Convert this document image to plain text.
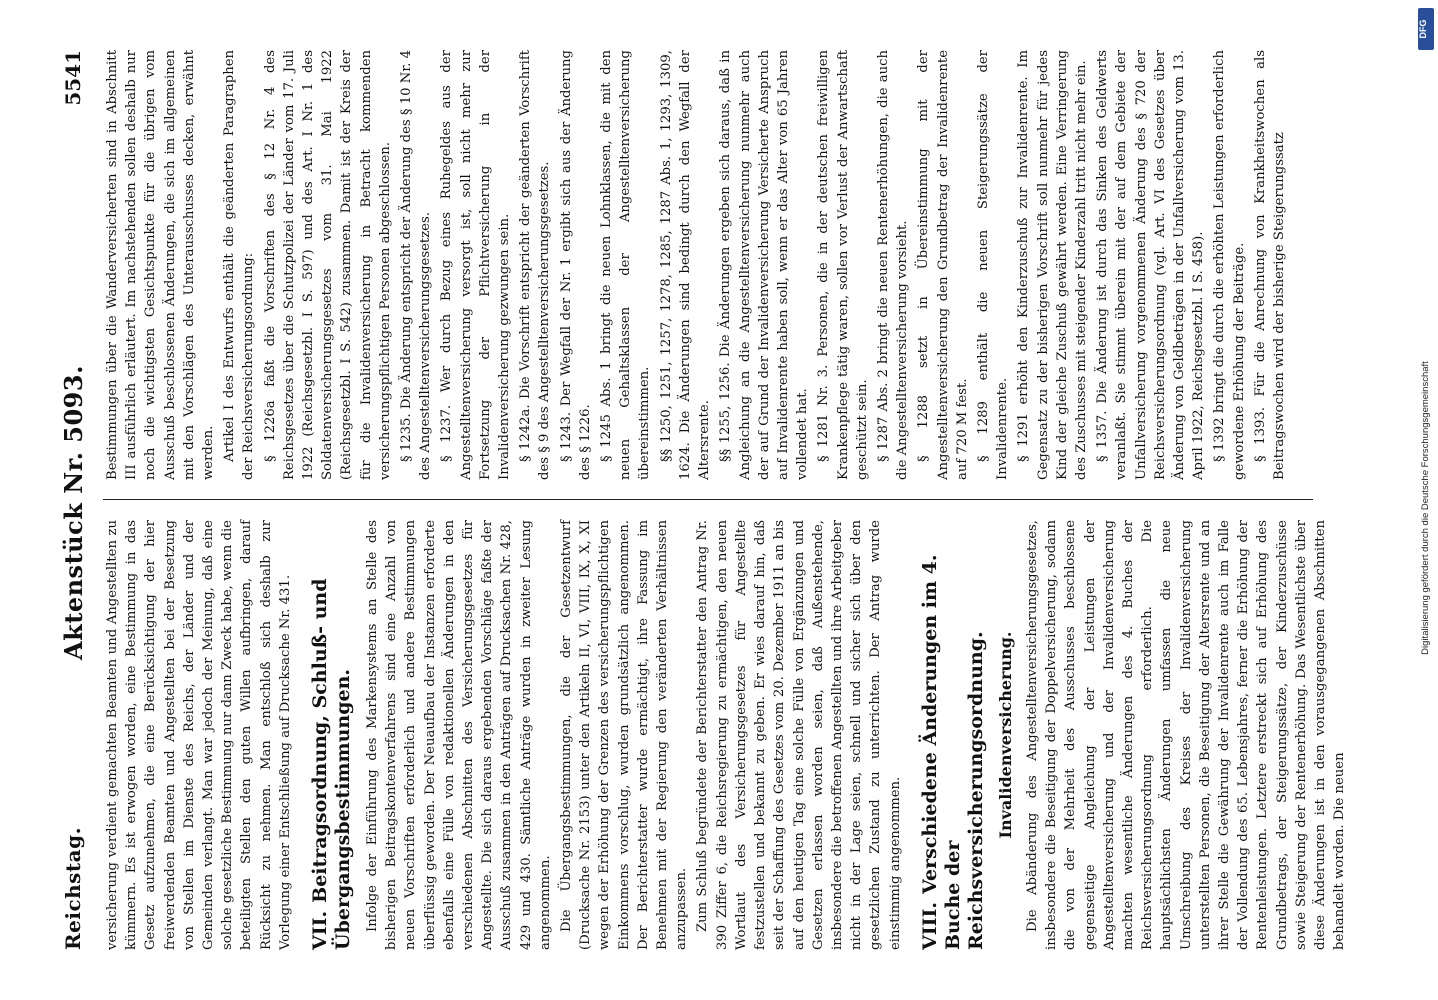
Reichstag.
Aktenstück Nr. 5093.
5541

versicherung verdient gemachten Beamten und Angestellten zu kümmern. Es ist erwogen worden, eine Bestimmung in das Gesetz aufzunehmen, die eine Berücksichtigung der hier freiwerdenden Beamten und Angestellten bei der Besetzung von Stellen im Dienste des Reichs, der Länder und der Gemeinden verlangt. Man war jedoch der Meinung, daß eine solche gesetzliche Bestimmung nur dann Zweck habe, wenn die beteiligten Stellen den guten Willen aufbringen, darauf Rücksicht zu nehmen. Man entschloß sich deshalb zur Vorlegung einer Entschließung auf Drucksache Nr. 431. VII.Beitragsordnung, Schluß- und Übergangsbestimmungen. Infolge der Einführung des Markensystems an Stelle des bisherigen Beitragskontenverfahrens sind eine Anzahl von neuen Vorschriften erforderlich und andere Bestimmungen überflüssig geworden. Der Neuaufbau der Instanzen erforderte ebenfalls eine Fülle von redaktionellen Änderungen in den verschiedenen Abschnitten des Versicherungsgesetzes für Angestellte. Die sich daraus ergebenden Vorschläge faßte der Ausschuß zusammen in den Anträgen auf Drucksachen Nr. 428, 429 und 430. Sämtliche Anträge wurden in zweiter Lesung angenommen. Die Übergangsbestimmungen, die der Gesetzentwurf (Drucksache Nr. 2153) unter den Artikeln II, VI, VIII, IX, X, XI wegen der Erhöhung der Grenzen des versicherungspflichtigen Einkommens vorschlug, wurden grundsätzlich angenommen. Der Berichterstatter wurde ermächtigt, ihre Fassung im Benehmen mit der Regierung den veränderten Verhältnissen anzupassen. Zum Schluß begründete der Berichterstatter den Antrag Nr. 390 Ziffer 6, die Reichsregierung zu ermächtigen, den neuen Wortlaut des Versicherungsgesetzes für Angestellte festzustellen und bekannt zu geben. Er wies darauf hin, daß seit der Schaffung des Gesetzes vom 20. Dezember 1911 an bis auf den heutigen Tag eine solche Fülle von Ergänzungen und Gesetzen erlassen worden seien, daß Außenstehende, insbesondere die betroffenen Angestellten und ihre Arbeitgeber nicht in der Lage seien, schnell und sicher sich über den gesetzlichen Zustand zu unterrichten. Der Antrag wurde einstimmig angenommen. VIII.Verschiedene Änderungen im 4. Buche der Reichsversicherungsordnung. Invalidenversicherung. Die Abänderung des Angestelltenversicherungsgesetzes, insbesondere die Beseitigung der Doppelversicherung, sodann die von der Mehrheit des Ausschusses beschlossene gegenseitige Angleichung der Leistungen der Angestelltenversicherung und der Invalidenversicherung machten wesentliche Änderungen des 4. Buches der Reichsversicherungsordnung erforderlich. Die hauptsächlichsten Änderungen umfassen die neue Umschreibung des Kreises der Invalidenversicherung unterstellten Personen, die Beseitigung der Altersrente und an ihrer Stelle die Gewährung der Invalidenrente auch im Falle der Vollendung des 65. Lebensjahres, ferner die Erhöhung der Rentenleistungen. Letztere erstreckt sich auf Erhöhung des Grundbetrags, der Steigerungssätze, der Kinderzuschüsse sowie Steigerung der Rentenerhöhung. Das Wesentlichste über diese Änderungen ist in den vorausgegangenen Abschnitten behandelt worden. Die neuen

Bestimmungen über die Wanderversicherten sind in Abschnitt III ausführlich erläutert. Im nachstehenden sollen deshalb nur noch die wichtigsten Gesichtspunkte für die übrigen vom Ausschuß beschlossenen Änderungen, die sich im allgemeinen mit den Vorschlägen des Unterausschusses decken, erwähnt werden. Artikel I des Entwurfs enthält die geänderten Paragraphen der Reichsversicherungsordnung: § 1226a faßt die Vorschriften des § 12 Nr. 4 des Reichsgesetzes über die Schutzpolizei der Länder vom 17. Juli 1922 (Reichsgesetzbl. I S. 597) und des Art. I Nr. 1 des Soldatenversicherungsgesetzes vom 31. Mai 1922 (Reichsgesetzbl. I S. 542) zusammen. Damit ist der Kreis der für die Invalidenversicherung in Betracht kommenden versicherungspflichtigen Personen abgeschlossen. § 1235. Die Änderung entspricht der Änderung des § 10 Nr. 4 des Angestelltenversicherungsgesetzes. § 1237. Wer durch Bezug eines Ruhegeldes aus der Angestelltenversicherung versorgt ist, soll nicht mehr zur Fortsetzung der Pflichtversicherung in der Invalidenversicherung gezwungen sein. § 1242a. Die Vorschrift entspricht der geänderten Vorschrift des § 9 des Angestelltenversicherungsgesetzes. § 1243. Der Wegfall der Nr. 1 ergibt sich aus der Änderung des § 1226. § 1245 Abs. 1 bringt die neuen Lohnklassen, die mit den neuen Gehaltsklassen der Angestelltenversicherung übereinstimmen. §§ 1250, 1251, 1257, 1278, 1285, 1287 Abs. 1, 1293, 1309, 1624. Die Änderungen sind bedingt durch den Wegfall der Altersrente. §§ 1255, 1256. Die Änderungen ergeben sich daraus, daß in Angleichung an die Angestelltenversicherung nunmehr auch der auf Grund der Invalidenversicherung Versicherte Anspruch auf Invalidenrente haben soll, wenn er das Alter von 65 Jahren vollendet hat. § 1281 Nr. 3. Personen, die in der deutschen freiwilligen Krankenpflege tätig waren, sollen vor Verlust der Anwartschaft geschützt sein. § 1287 Abs. 2 bringt die neuen Rentenerhöhungen, die auch die Angestelltenversicherung vorsieht. § 1288 setzt in Übereinstimmung mit der Angestelltenversicherung den Grundbetrag der Invalidenrente auf 720 M fest. § 1289 enthält die neuen Steigerungssätze der Invalidenrente. § 1291 erhöht den Kinderzuschuß zur Invalidenrente. Im Gegensatz zu der bisherigen Vorschrift soll nunmehr für jedes Kind der gleiche Zuschuß gewährt werden. Eine Verringerung des Zuschusses mit steigender Kinderzahl tritt nicht mehr ein. § 1357. Die Änderung ist durch das Sinken des Geldwerts veranlaßt. Sie stimmt überein mit der auf dem Gebiete der Unfallversicherung vorgenommenen Änderung des § 720 der Reichsversicherungsordnung (vgl. Art. VI des Gesetzes über Änderung von Geldbeträgen in der Unfallversicherung vom 13. April 1922, Reichsgesetzbl. I S. 458). § 1392 bringt die durch die erhöhten Leistungen erforderlich gewordene Erhöhung der Beiträge. § 1393. Für die Anrechnung von Krankheitswochen als Beitragswochen wird der bisherige Steigerungssatz

DFG
Digitalisierung gefördert durch die Deutsche Forschungsgemeinschaft
